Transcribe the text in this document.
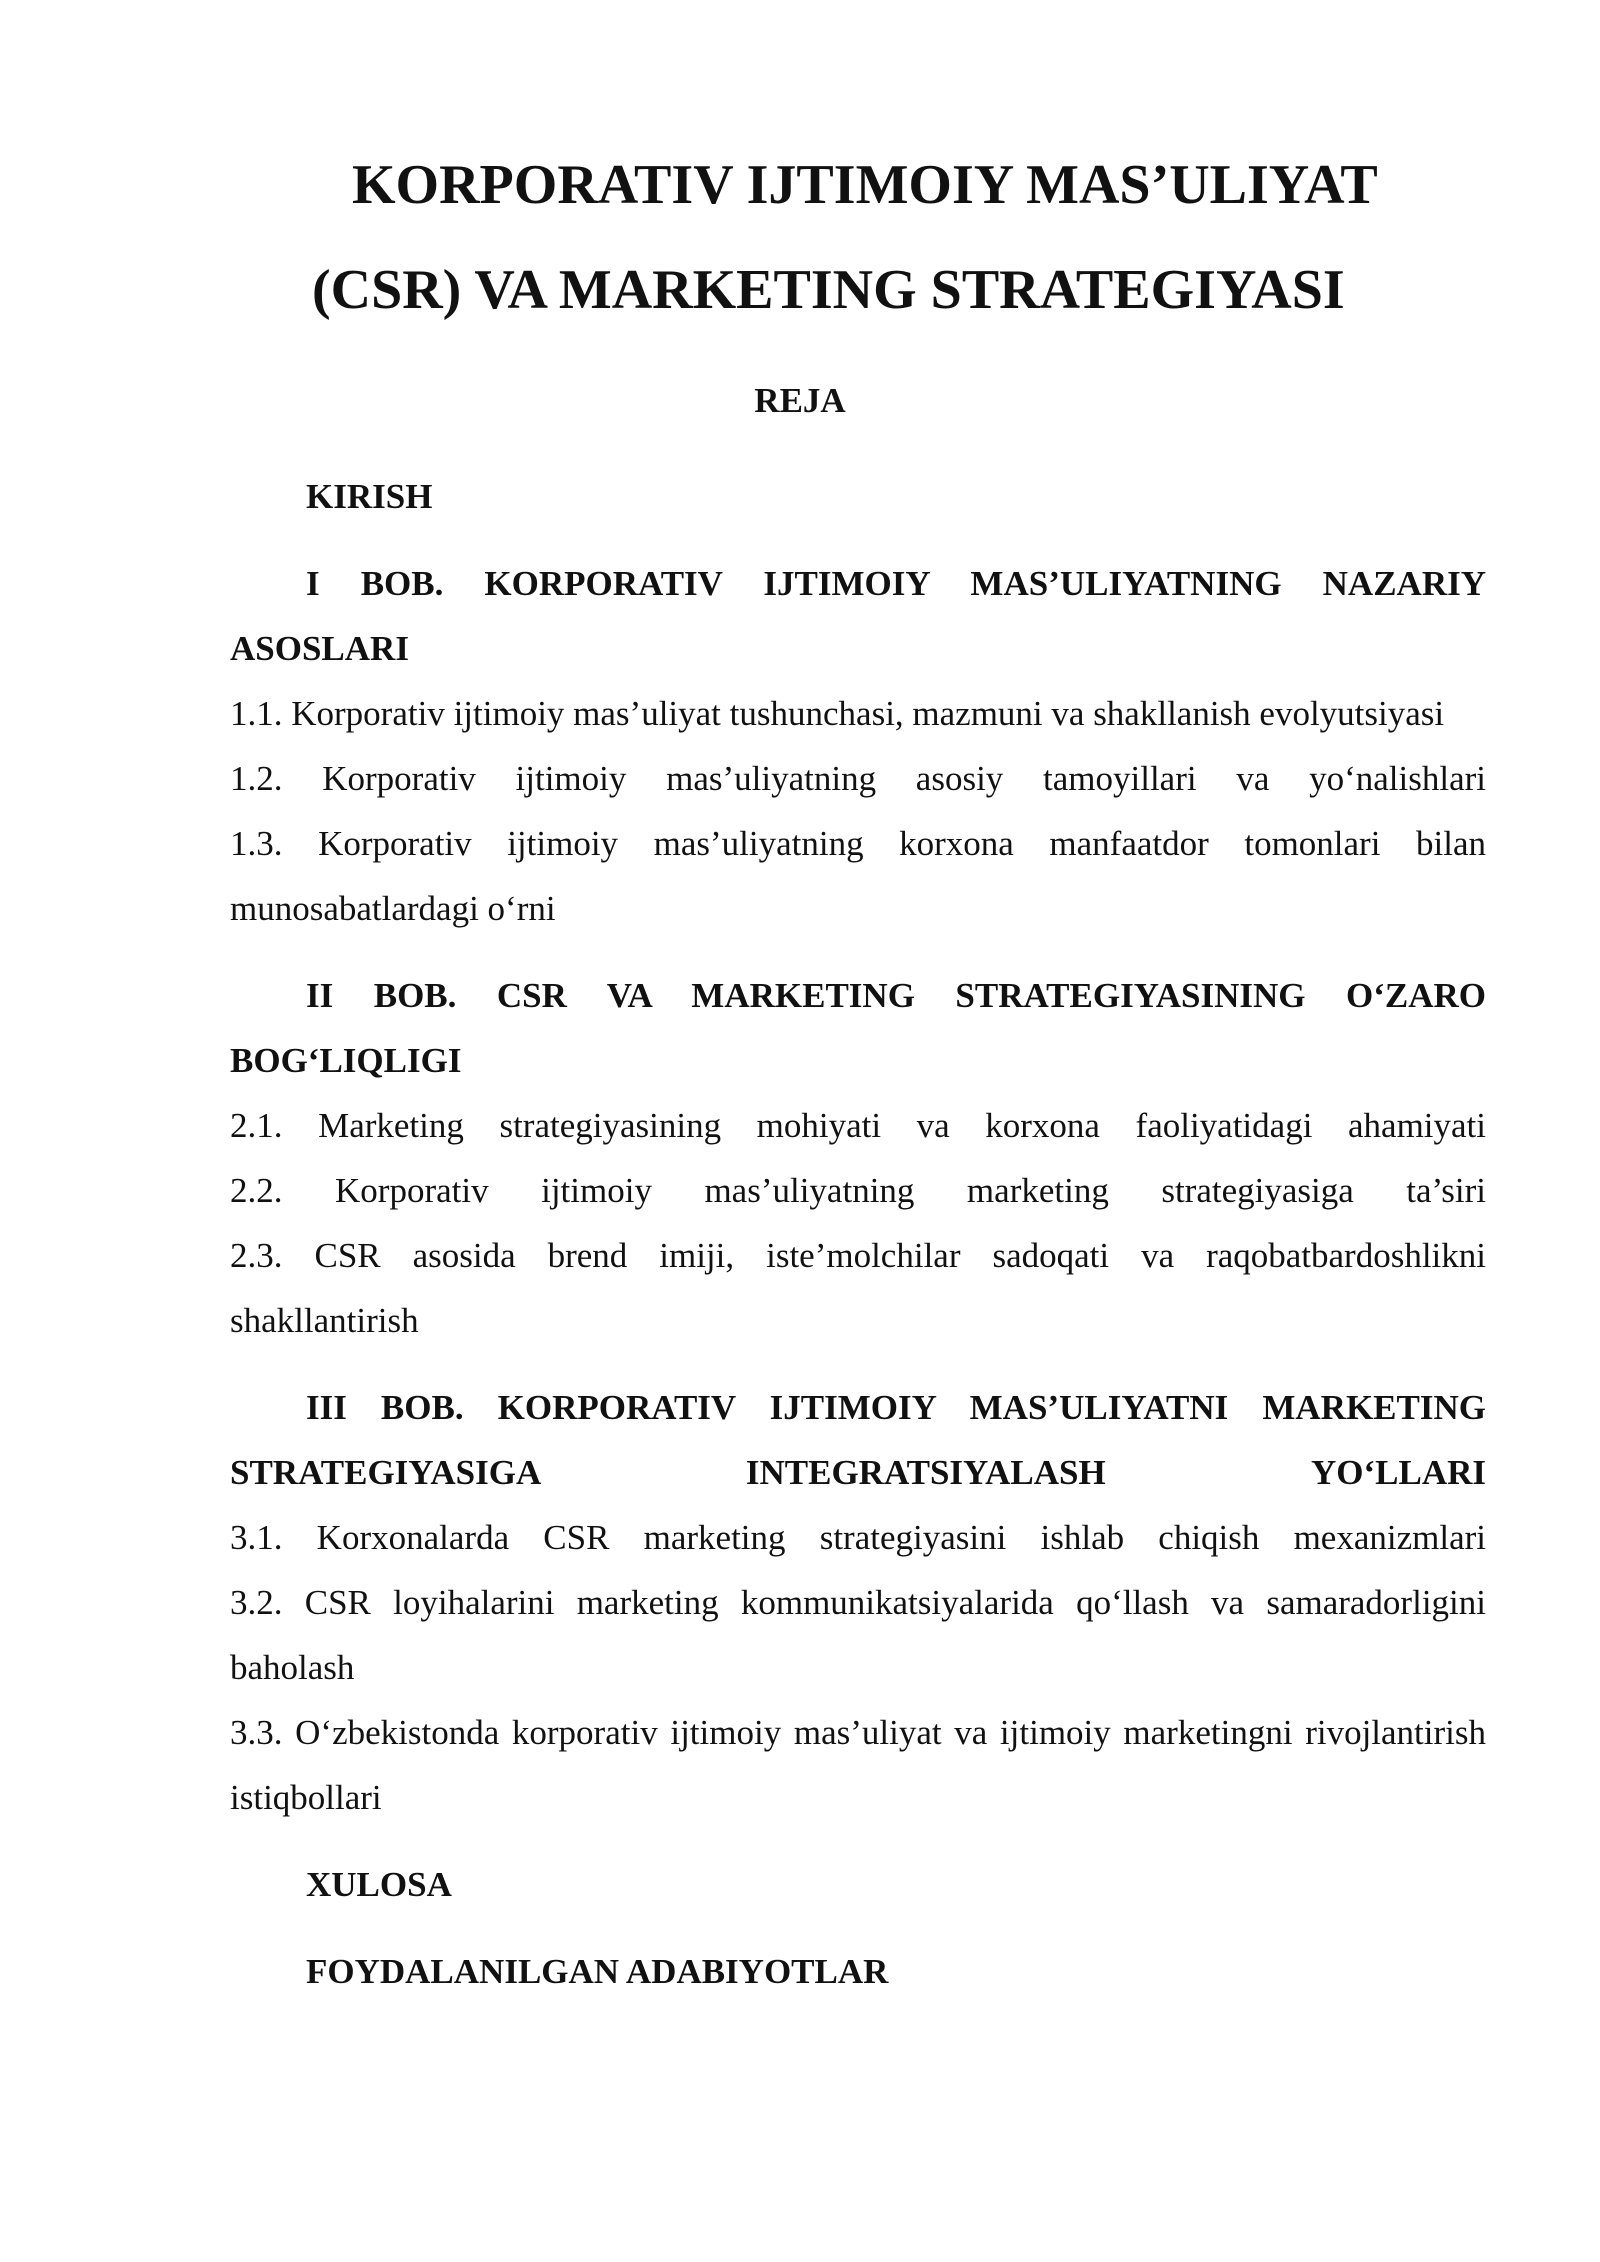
KORPORATIV IJTIMOIY MAS’ULIYAT
(CSR) VA MARKETING STRATEGIYASI
REJA

KIRISH

I BOB. KORPORATIV IJTIMOIY MAS’ULIYATNING NAZARIY ASOSLARI

1.1. Korporativ ijtimoiy mas’uliyat tushunchasi, mazmuni va shakllanish evolyutsiyasi

1.2. Korporativ ijtimoiy mas’uliyatning asosiy tamoyillari va yo‘nalishlari

1.3. Korporativ ijtimoiy mas’uliyatning korxona manfaatdor tomonlari bilan munosabatlardagi o‘rni

II BOB. CSR VA MARKETING STRATEGIYASINING O‘ZARO BOG‘LIQLIGI

2.1. Marketing strategiyasining mohiyati va korxona faoliyatidagi ahamiyati

2.2. Korporativ ijtimoiy mas’uliyatning marketing strategiyasiga ta’siri

2.3. CSR asosida brend imiji, iste’molchilar sadoqati va raqobatbardoshlikni shakllantirish

III BOB. KORPORATIV IJTIMOIY MAS’ULIYATNI MARKETING STRATEGIYASIGA INTEGRATSIYALASH YO‘LLARI

3.1. Korxonalarda CSR marketing strategiyasini ishlab chiqish mexanizmlari

3.2. CSR loyihalarini marketing kommunikatsiyalarida qo‘llash va samaradorligini baholash

3.3. O‘zbekistonda korporativ ijtimoiy mas’uliyat va ijtimoiy marketingni rivojlantirish istiqbollari

XULOSA

FOYDALANILGAN ADABIYOTLAR
